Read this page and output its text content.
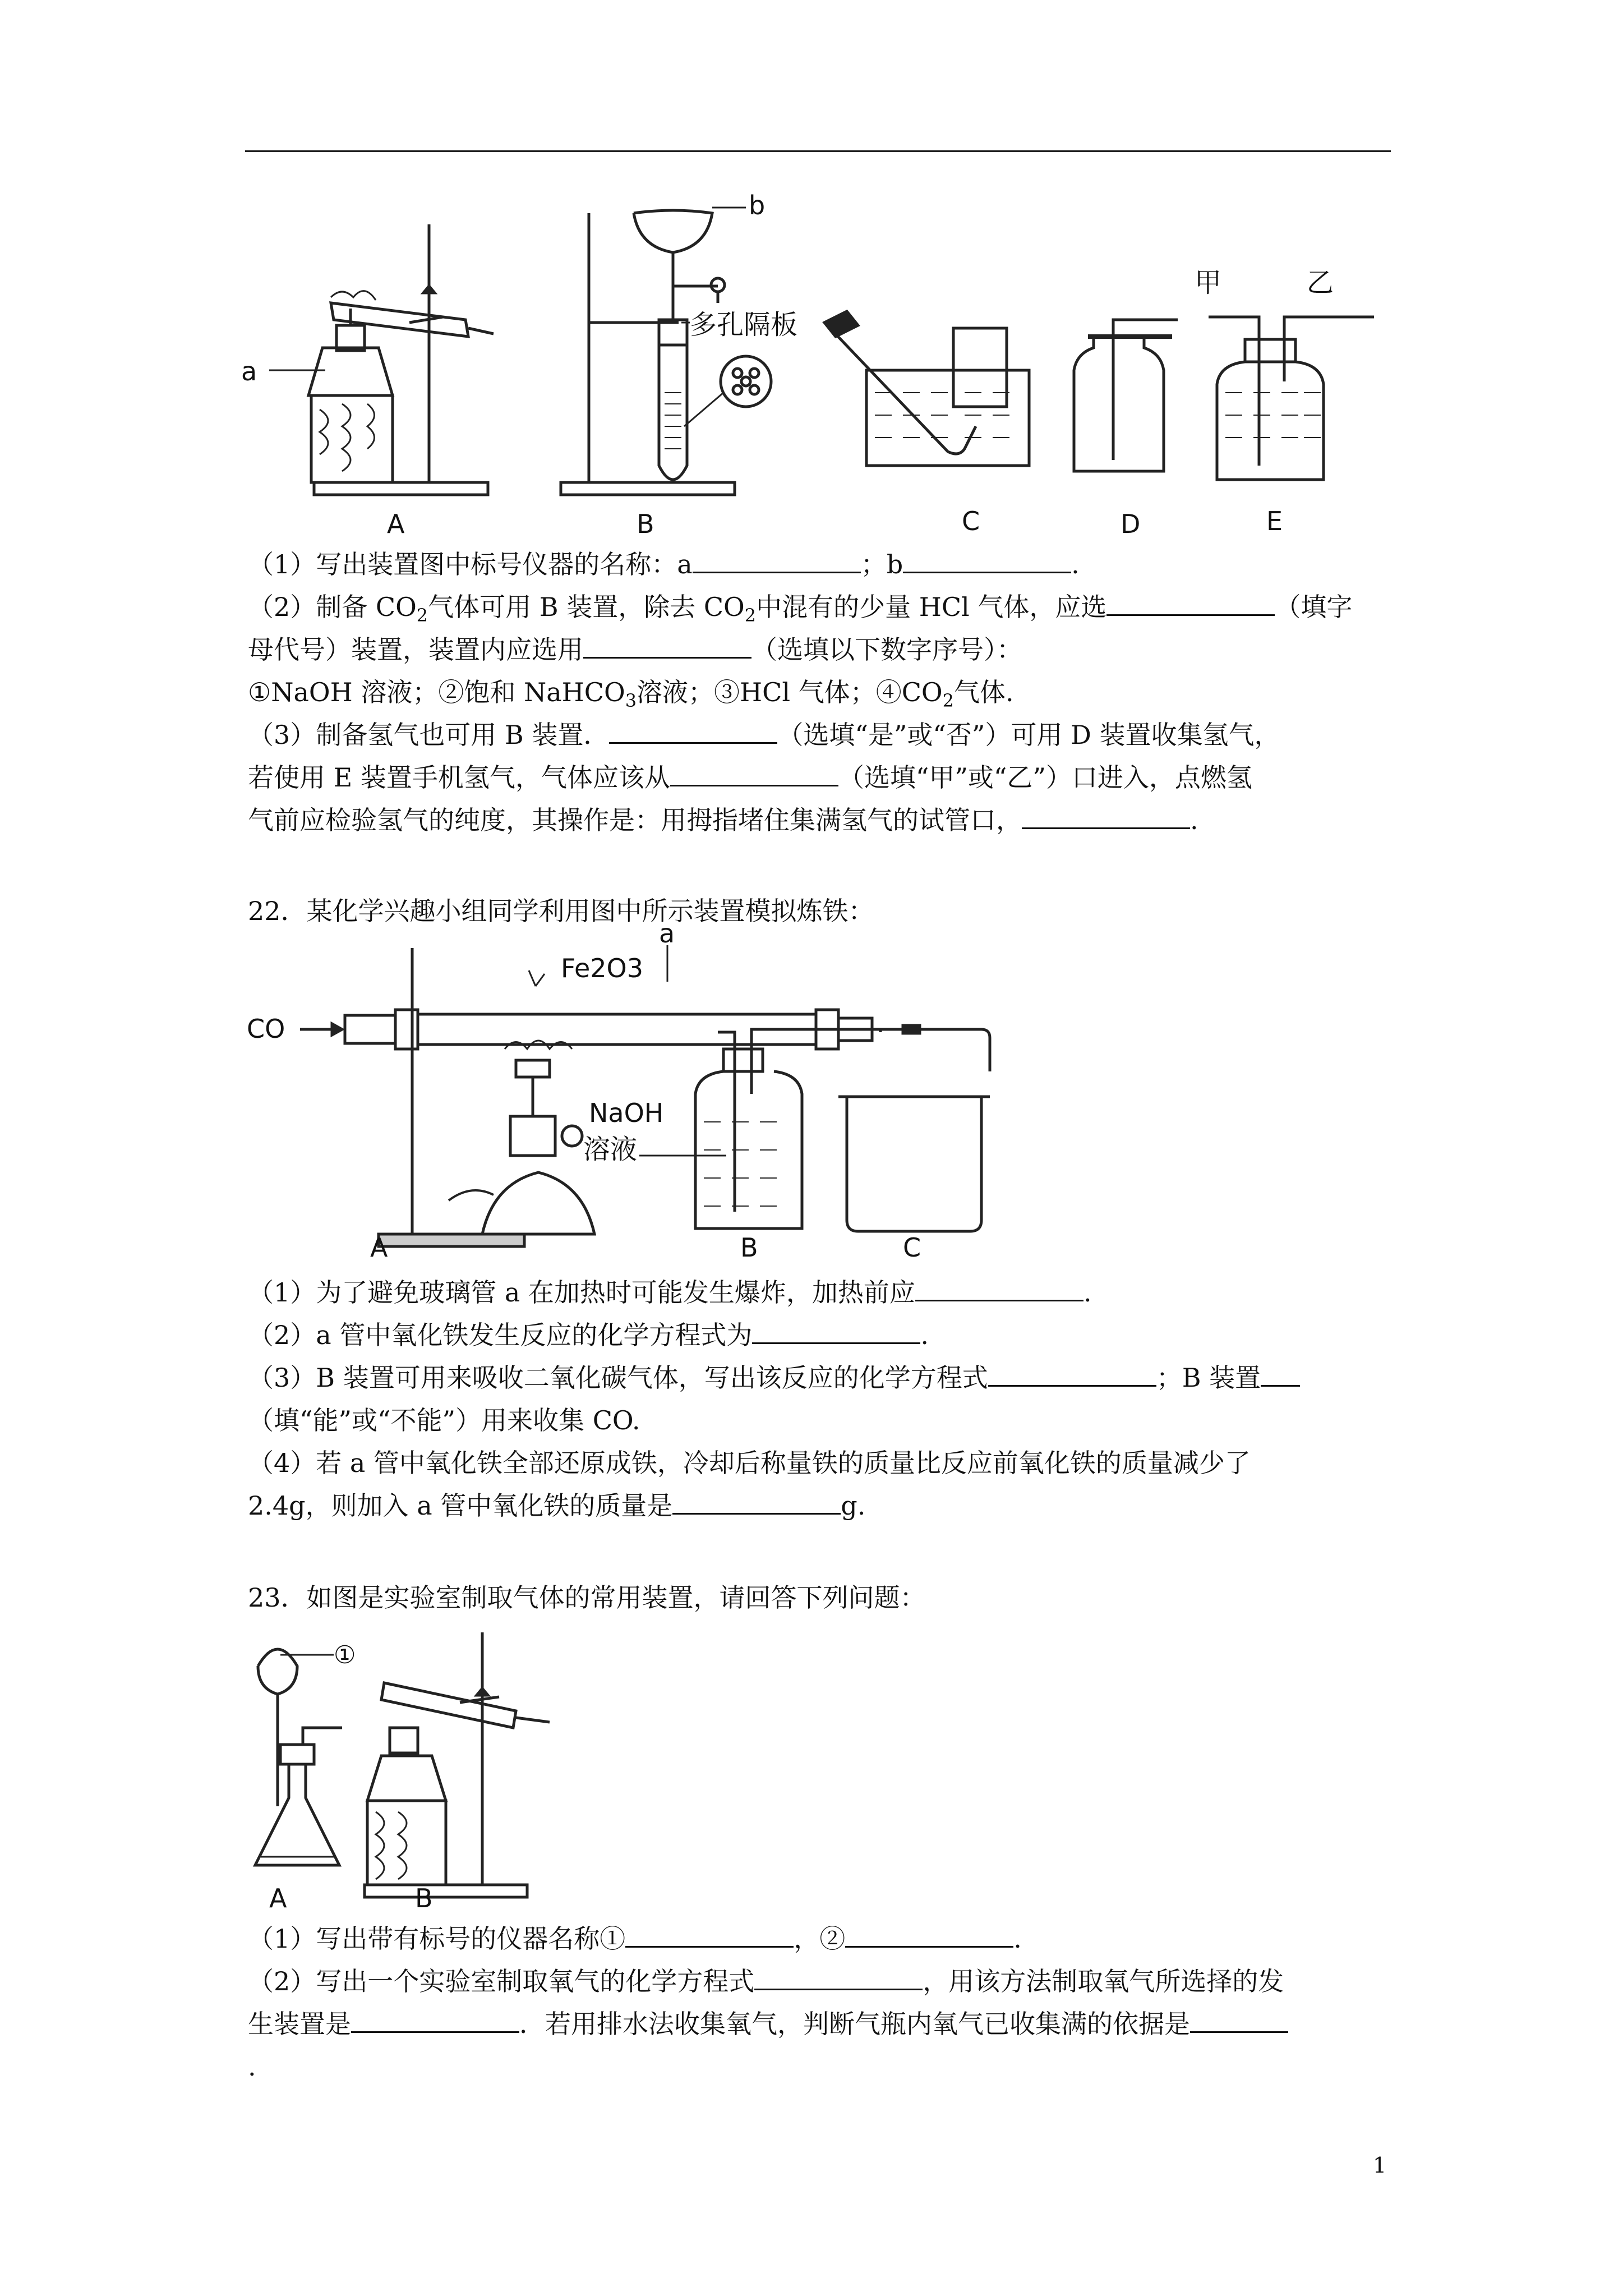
a
A
b
多孔隔板
B	C	D
甲	乙
E
（1）写出装置图中标号仪器的名称：a	；b	.
（2）制备 $CO_2$气体可用 B 装置，除去 $CO_2$中混有的少量 HCl 气体，应选	（填字
母代号）装置，装置内应选用	（选填以下数字序号）：
①NaOH 溶液；②饱和 NaHCO$_3$溶液；③HCl 气体；$④CO_2$气体.
（3）制备氢气也可用 B 装置．	（选填“是”或“否”）可用 D 装置收集氢气，
若使用 E 装置手机氢气，气体应该从	（选填“甲”或“乙”）口进入，点燃氢
气前应检验氢气的纯度，其操作是：用拇指堵住集满氢气的试管口，	.
22．某化学兴趣小组同学利用图中所示装置模拟炼铁：
CO
a
Fe2O3
NaOH
溶液
A	B	C
（1）为了避免玻璃管 a 在加热时可能发生爆炸，加热前应	.
（2）a 管中氧化铁发生反应的化学方程式为	.
（3）B 装置可用来吸收二氧化碳气体，写出该反应的化学方程式	；B 装置
（填“能”或“不能”）用来收集 CO.
（4）若 a 管中氧化铁全部还原成铁，冷却后称量铁的质量比反应前氧化铁的质量减少了
2.4g，则加入 a 管中氧化铁的质量是	g.
23．如图是实验室制取气体的常用装置，请回答下列问题：
①
A	B
（1）写出带有标号的仪器名称①	，②	.
（2）写出一个实验室制取氧气的化学方程式	，用该方法制取氧气所选择的发
生装置是	．若用排水法收集氧气，判断气瓶内氧气已收集满的依据是
.
1
